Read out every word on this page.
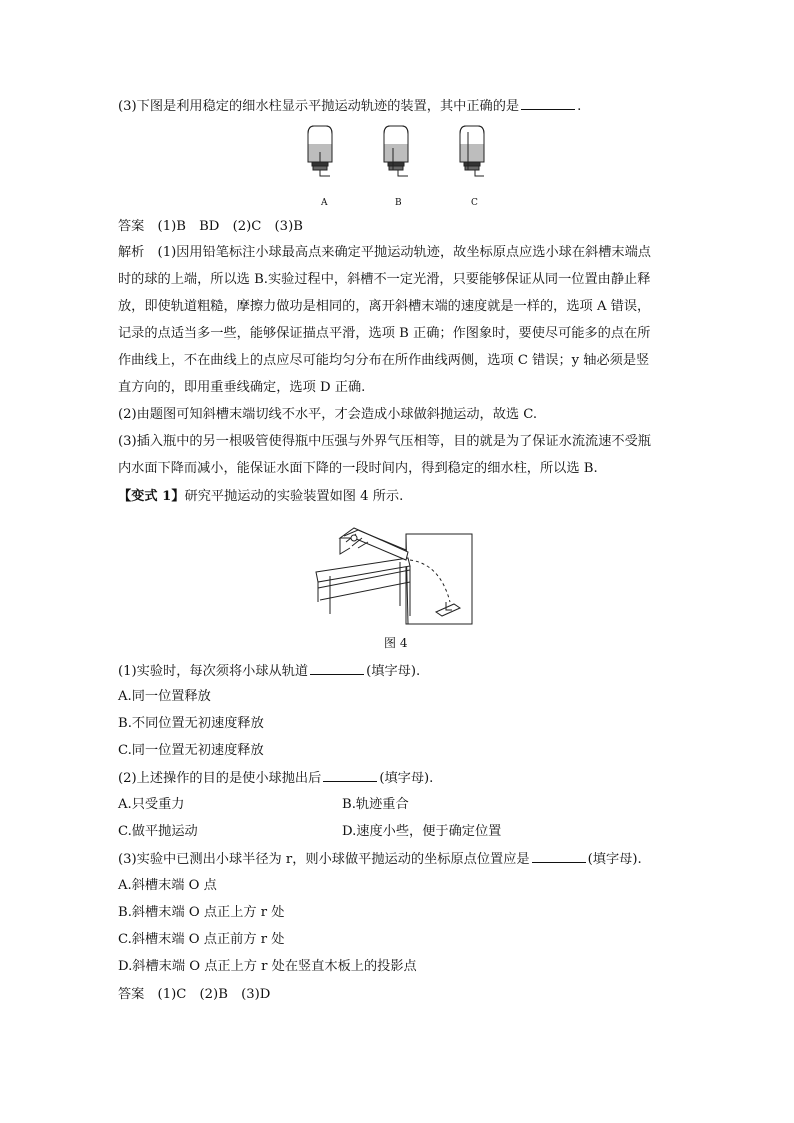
(3)下图是利用稳定的细水柱显示平抛运动轨迹的装置，其中正确的是	.
A	B	C
答案　(1)B　BD　(2)C　(3)B
解析　(1)因用铅笔标注小球最高点来确定平抛运动轨迹，故坐标原点应选小球在斜槽末端点
时的球的上端，所以选 B.实验过程中，斜槽不一定光滑，只要能够保证从同一位置由静止释
放，即使轨道粗糙，摩擦力做功是相同的，离开斜槽末端的速度就是一样的，选项 A 错误，
记录的点适当多一些，能够保证描点平滑，选项 B 正确；作图象时，要使尽可能多的点在所
作曲线上，不在曲线上的点应尽可能均匀分布在所作曲线两侧，选项 C 错误；y 轴必须是竖
直方向的，即用重垂线确定，选项 D 正确.
(2)由题图可知斜槽末端切线不水平，才会造成小球做斜抛运动，故选 C.
(3)插入瓶中的另一根吸管使得瓶中压强与外界气压相等，目的就是为了保证水流流速不受瓶
内水面下降而减小，能保证水面下降的一段时间内，得到稳定的细水柱，所以选 B.
【变式 1】研究平抛运动的实验装置如图 4 所示.
图 4
(1)实验时，每次须将小球从轨道	(填字母).
A.同一位置释放
B.不同位置无初速度释放
C.同一位置无初速度释放
(2)上述操作的目的是使小球抛出后	(填字母).
A.只受重力	B.轨迹重合
C.做平抛运动	D.速度小些，便于确定位置
(3)实验中已测出小球半径为 r，则小球做平抛运动的坐标原点位置应是	(填字母).
A.斜槽末端 O 点
B.斜槽末端 O 点正上方 r 处
C.斜槽末端 O 点正前方 r 处
D.斜槽末端 O 点正上方 r 处在竖直木板上的投影点
答案　(1)C　(2)B　(3)D
